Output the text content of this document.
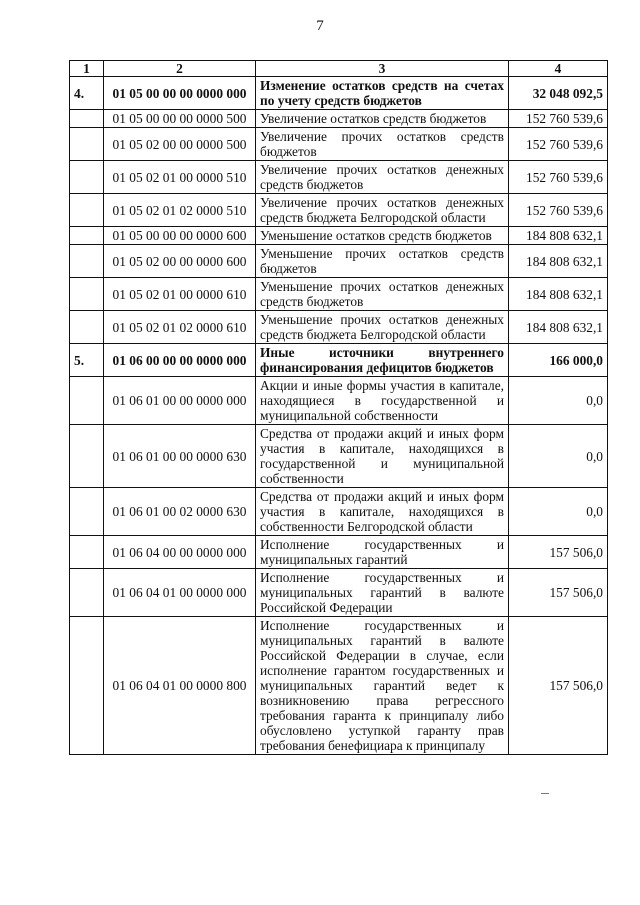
7
1	2	3	4
4.	01 05 00 00 00 0000 000	Изменение остатков средств на счетах по учету средств бюджетов	32 048 092,5
	01 05 00 00 00 0000 500	Увеличение остатков средств бюджетов	152 760 539,6
	01 05 02 00 00 0000 500	Увеличение прочих остатков средств бюджетов	152 760 539,6
	01 05 02 01 00 0000 510	Увеличение прочих остатков денежных средств бюджетов	152 760 539,6
	01 05 02 01 02 0000 510	Увеличение прочих остатков денежных средств бюджета Белгородской области	152 760 539,6
	01 05 00 00 00 0000 600	Уменьшение остатков средств бюджетов	184 808 632,1
	01 05 02 00 00 0000 600	Уменьшение прочих остатков средств бюджетов	184 808 632,1
	01 05 02 01 00 0000 610	Уменьшение прочих остатков денежных средств бюджетов	184 808 632,1
	01 05 02 01 02 0000 610	Уменьшение прочих остатков денежных средств бюджета Белгородской области	184 808 632,1
5.	01 06 00 00 00 0000 000	Иные источники внутреннего финансирования дефицитов бюджетов	166 000,0
	01 06 01 00 00 0000 000	Акции и иные формы участия в капитале, находящиеся в государственной и муниципальной собственности	0,0
	01 06 01 00 00 0000 630	Средства от продажи акций и иных форм участия в капитале, находящихся в государственной и муниципальной собственности	0,0
	01 06 01 00 02 0000 630	Средства от продажи акций и иных форм участия в капитале, находящихся в собственности Белгородской области	0,0
	01 06 04 00 00 0000 000	Исполнение государственных и муниципальных гарантий	157 506,0
	01 06 04 01 00 0000 000	Исполнение государственных и муниципальных гарантий в валюте Российской Федерации	157 506,0
	01 06 04 01 00 0000 800	Исполнение государственных и муниципальных гарантий в валюте Российской Федерации в случае, если исполнение гарантом государственных и муниципальных гарантий ведет к возникновению права регрессного требования гаранта к принципалу либо обусловлено уступкой гаранту прав требования бенефициара к принципалу	157 506,0
